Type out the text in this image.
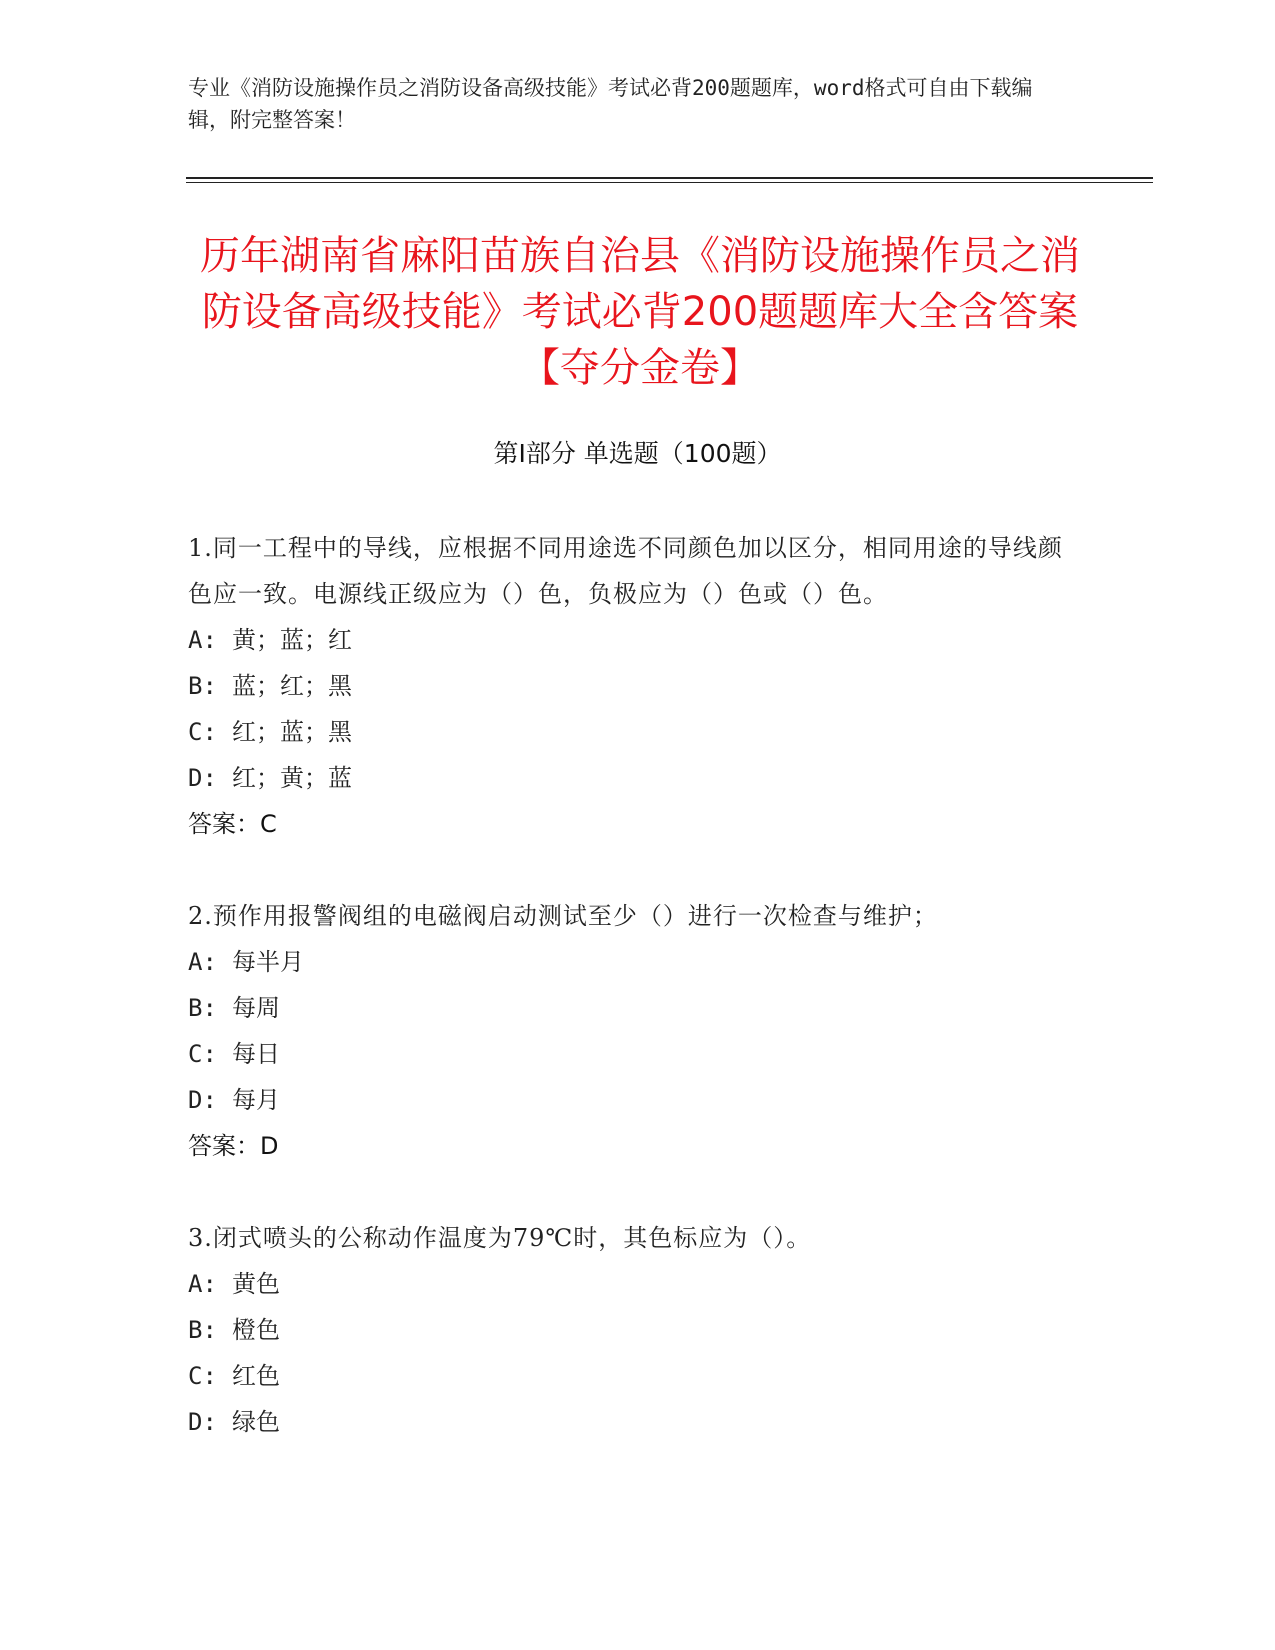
专业《消防设施操作员之消防设备高级技能》考试必背200题题库，word格式可自由下载编辑，附完整答案！
历年湖南省麻阳苗族自治县《消防设施操作员之消防设备高级技能》考试必背200题题库大全含答案【夺分金卷】
第Ⅰ部分 单选题（100题）
1.同一工程中的导线，应根据不同用途选不同颜色加以区分，相同用途的导线颜色应一致。电源线正级应为（）色，负极应为（）色或（）色。
A: 黄；蓝；红
B: 蓝；红；黑
C: 红；蓝；黑
D: 红；黄；蓝
答案：C
2.预作用报警阀组的电磁阀启动测试至少（）进行一次检查与维护；
A: 每半月
B: 每周
C: 每日
D: 每月
答案：D
3.闭式喷头的公称动作温度为79℃时，其色标应为（）。
A: 黄色
B: 橙色
C: 红色
D: 绿色
